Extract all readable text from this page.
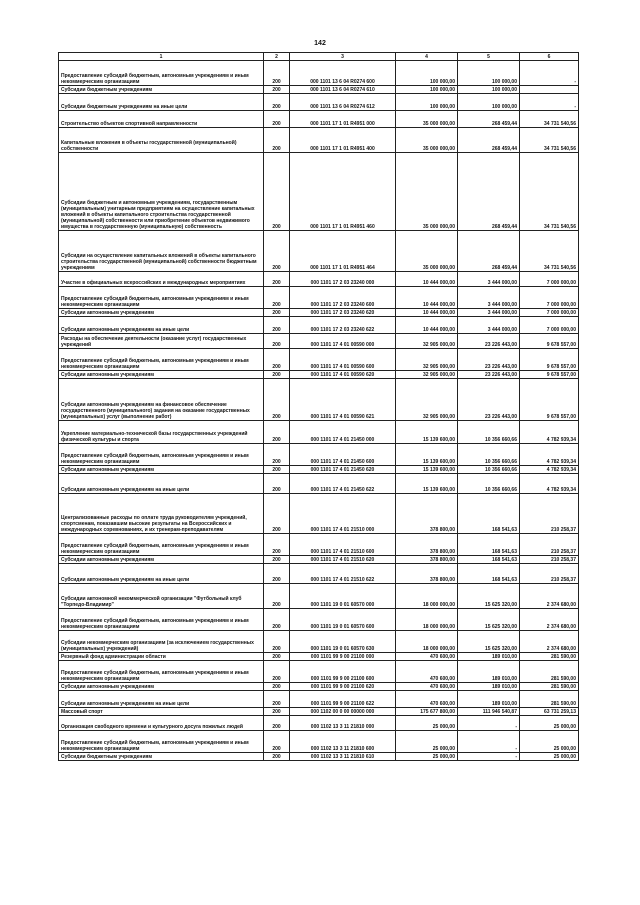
142
1	2	3	4	5	6
Предоставление субсидий бюджетным, автономным учреждениям и иным некоммерческим организациям	200	000 1101 13 6 04 R0274 600	100 000,00	100 000,00	-
Субсидии бюджетным учреждениям	200	000 1101 13 6 04 R0274 610	100 000,00	100 000,00	
Субсидии бюджетным учреждениям на иные цели	200	000 1101 13 6 04 R0274 612	100 000,00	100 000,00	-
Строительство объектов спортивной направленности	200	000 1101 17 1 01 R4951 000	35 000 000,00	268 459,44	34 731 540,56
Капитальные вложения в объекты государственной (муниципальной) собственности	200	000 1101 17 1 01 R4951 400	35 000 000,00	268 459,44	34 731 540,56
Субсидии бюджетным и автономным учреждениям, государственным (муниципальным) унитарным предприятиям на осуществление капитальных вложений в объекты капитального строительства государственной (муниципальной) собственности или приобретение объектов недвижимого имущества в государственную (муниципальную) собственность	200	000 1101 17 1 01 R4951 460	35 000 000,00	268 459,44	34 731 540,56
Субсидии на осуществление капитальных вложений в объекты капитального строительства государственной (муниципальной) собственности бюджетным учреждениям	200	000 1101 17 1 01 R4951 464	35 000 000,00	268 459,44	34 731 540,56
Участие в официальных всероссийских и международных мероприятиях	200	000 1101 17 2 03 23240 000	10 444 000,00	3 444 000,00	7 000 000,00
Предоставление субсидий бюджетным, автономным учреждениям и иным некоммерческим организациям	200	000 1101 17 2 03 23240 600	10 444 000,00	3 444 000,00	7 000 000,00
Субсидии автономным учреждениям	200	000 1101 17 2 03 23240 620	10 444 000,00	3 444 000,00	7 000 000,00
Субсидии автономным учреждениям на иные цели	200	000 1101 17 2 03 23240 622	10 444 000,00	3 444 000,00	7 000 000,00
Расходы на обеспечение деятельности (оказание услуг) государственных учреждений	200	000 1101 17 4 01 00590 000	32 905 000,00	23 226 443,00	9 678 557,00
Предоставление субсидий бюджетным, автономным учреждениям и иным некоммерческим организациям	200	000 1101 17 4 01 00590 600	32 905 000,00	23 226 443,00	9 678 557,00
Субсидии автономным учреждениям	200	000 1101 17 4 01 00590 620	32 905 000,00	23 226 443,00	9 678 557,00
Субсидии автономным учреждениям на финансовое обеспечение государственного (муниципального) задания на оказание государственных (муниципальных) услуг (выполнение работ)	200	000 1101 17 4 01 00590 621	32 905 000,00	23 226 443,00	9 678 557,00
Укрепление материально-технической базы государственных учреждений физической культуры и спорта	200	000 1101 17 4 01 21450 000	15 139 600,00	10 356 660,66	4 782 939,34
Предоставление субсидий бюджетным, автономным учреждениям и иным некоммерческим организациям	200	000 1101 17 4 01 21450 600	15 139 600,00	10 356 660,66	4 782 939,34
Субсидии автономным учреждениям	200	000 1101 17 4 01 21450 620	15 139 600,00	10 356 660,66	4 782 939,34
Субсидии автономным учреждениям на иные цели	200	000 1101 17 4 01 21450 622	15 139 600,00	10 356 660,66	4 782 939,34
Централизованные расходы по оплате труда руководителям учреждений, спортсменам, показавшим высокие результаты на Всероссийских и международных соревнованиях, и их тренерам-преподавателям	200	000 1101 17 4 01 21510 000	378 800,00	168 541,63	210 258,37
Предоставление субсидий бюджетным, автономным учреждениям и иным некоммерческим организациям	200	000 1101 17 4 01 21510 600	378 800,00	168 541,63	210 258,37
Субсидии автономным учреждениям	200	000 1101 17 4 01 21510 620	378 800,00	168 541,63	210 258,37
Субсидии автономным учреждениям на иные цели	200	000 1101 17 4 01 21510 622	378 800,00	168 541,63	210 258,37
Субсидии автономной некоммерческой организации "Футбольный клуб "Торпедо-Владимир"	200	000 1101 19 0 01 60570 000	18 000 000,00	15 625 320,00	2 374 680,00
Предоставление субсидий бюджетным, автономным учреждениям и иным некоммерческим организациям	200	000 1101 19 0 01 60570 600	18 000 000,00	15 625 320,00	2 374 680,00
Субсидии некоммерческим организациям (за исключением государственных (муниципальных) учреждений)	200	000 1101 19 0 01 60570 630	18 000 000,00	15 625 320,00	2 374 680,00
Резервный фонд администрации области	200	000 1101 99 9 00 21100 000	470 600,00	189 010,00	281 590,00
Предоставление субсидий бюджетным, автономным учреждениям и иным некоммерческим организациям	200	000 1101 99 9 00 21100 600	470 600,00	189 010,00	281 590,00
Субсидии автономным учреждениям	200	000 1101 99 9 00 21100 620	470 600,00	189 010,00	281 590,00
Субсидии автономным учреждениям на иные цели	200	000 1101 99 9 00 21100 622	470 600,00	189 010,00	281 590,00
Массовый спорт	200	000 1102 00 0 00 00000 000	175 677 800,00	111 946 540,87	63 731 259,13
Организация свободного времени и культурного досуга пожилых людей	200	000 1102 13 3 11 21810 000	25 000,00	-	25 000,00
Предоставление субсидий бюджетным, автономным учреждениям и иным некоммерческим организациям	200	000 1102 13 3 11 21810 600	25 000,00	-	25 000,00
Субсидии бюджетным учреждениям	200	000 1102 13 3 11 21810 610	25 000,00	-	25 000,00
